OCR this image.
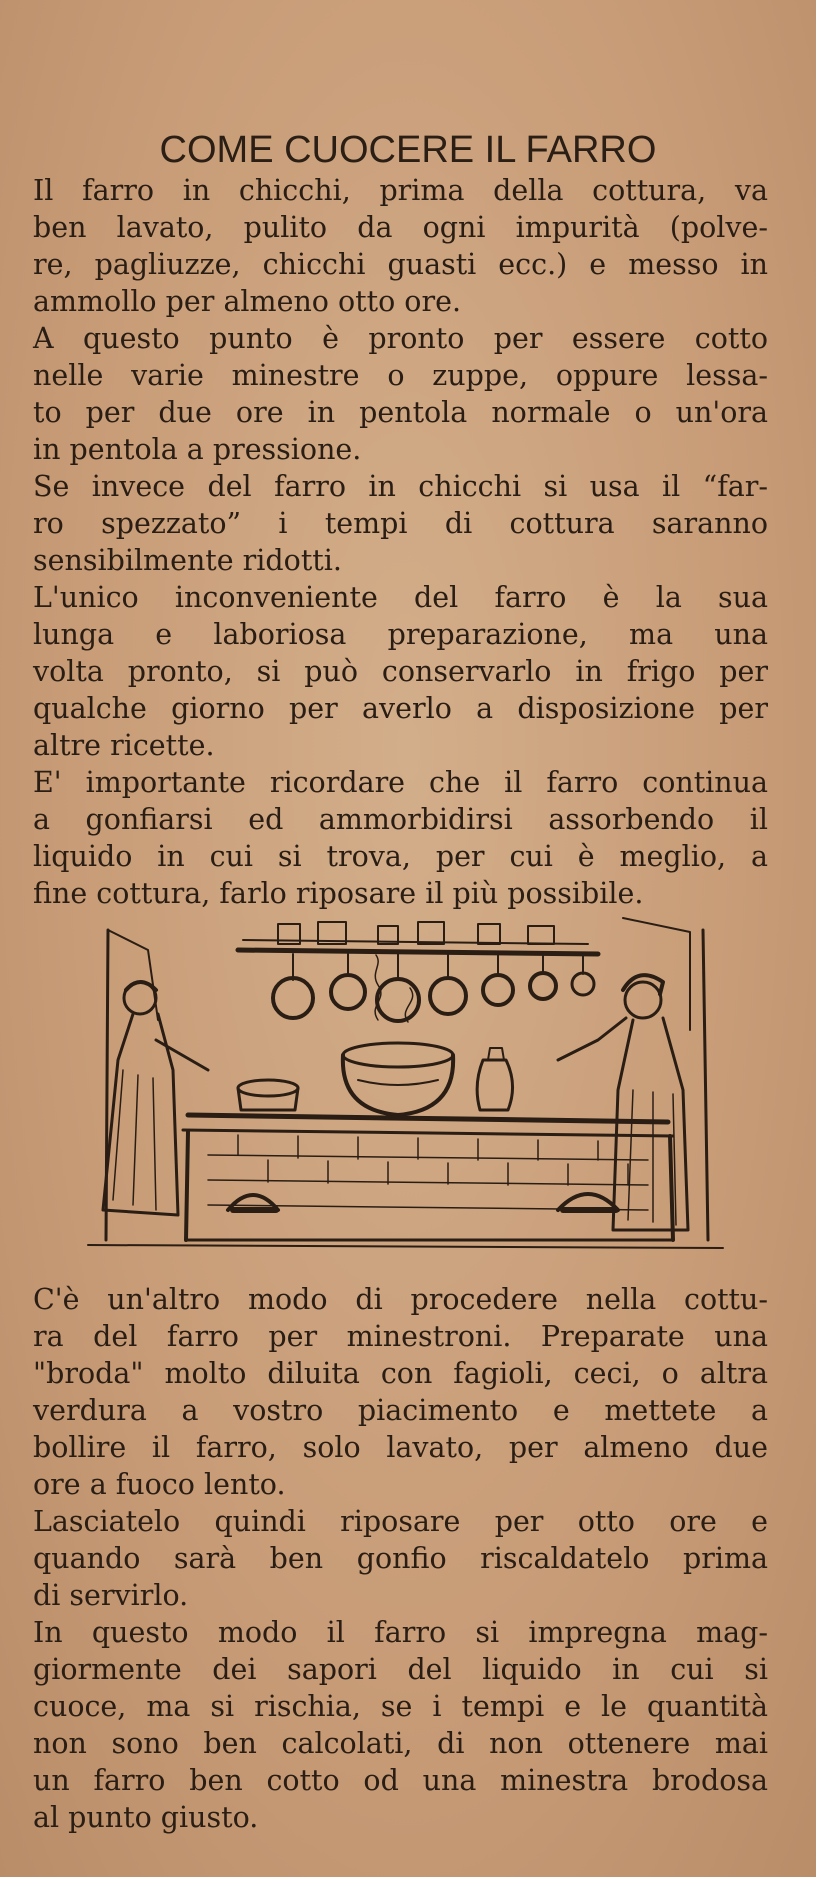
COME CUOCERE IL FARRO
Il farro in chicchi, prima della cottura, va
ben lavato, pulito da ogni impurità (polve-
re, pagliuzze, chicchi guasti ecc.) e messo in
ammollo per almeno otto ore.
A questo punto è pronto per essere cotto
nelle varie minestre o zuppe, oppure lessa-
to per due ore in pentola normale o un'ora
in pentola a pressione.
Se invece del farro in chicchi si usa il “far-
ro spezzato” i tempi di cottura saranno
sensibilmente ridotti.
L'unico inconveniente del farro è la sua
lunga e laboriosa preparazione, ma una
volta pronto, si può conservarlo in frigo per
qualche giorno per averlo a disposizione per
altre ricette.
E' importante ricordare che il farro continua
a gonfiarsi ed ammorbidirsi assorbendo il
liquido in cui si trova, per cui è meglio, a
fine cottura, farlo riposare il più possibile.
C'è un'altro modo di procedere nella cottu-
ra del farro per minestroni. Preparate una
"broda" molto diluita con fagioli, ceci, o altra
verdura a vostro piacimento e mettete a
bollire il farro, solo lavato, per almeno due
ore a fuoco lento.
Lasciatelo quindi riposare per otto ore e
quando sarà ben gonfio riscaldatelo prima
di servirlo.
In questo modo il farro si impregna mag-
giormente dei sapori del liquido in cui si
cuoce, ma si rischia, se i tempi e le quantità
non sono ben calcolati, di non ottenere mai
un farro ben cotto od una minestra brodosa
al punto giusto.
